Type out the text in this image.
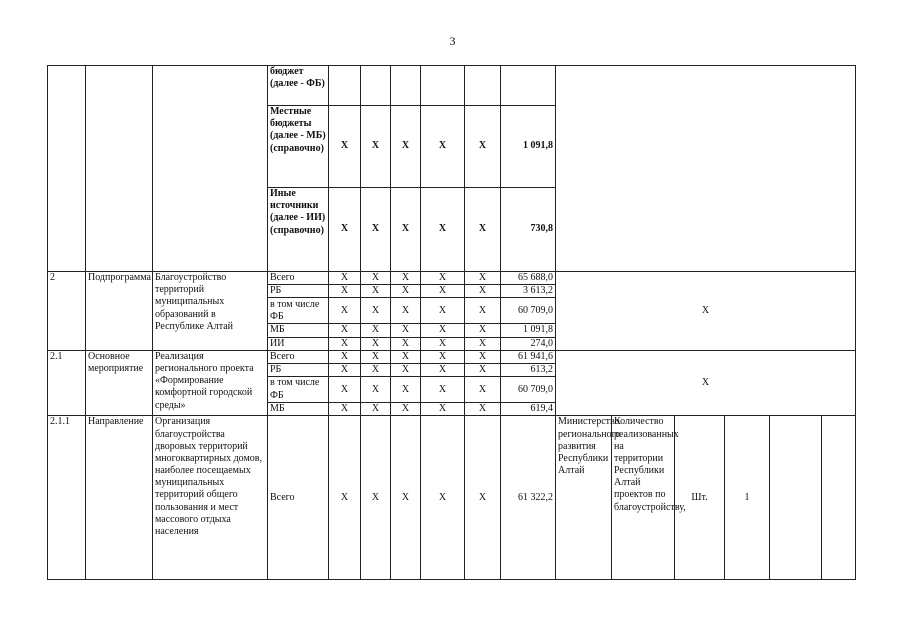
3
			бюджет (далее - ФБ)												
			Местные бюджеты (далее - МБ) (справочно)	Х	Х	Х	Х	Х	1 091,8						
			Иные источники (далее - ИИ) (справочно)	Х	Х	Х	Х	Х	730,8						
2	Подпрограмма	Благоустройство территорий муниципальных образований в Республике Алтай	Всего	Х	Х	Х	Х	Х	65 688,0	Х					
			РБ	Х	Х	Х	Х	Х	3 613,2						
			в том числе ФБ	Х	Х	Х	Х	Х	60 709,0						
			МБ	Х	Х	Х	Х	Х	1 091,8						
			ИИ	Х	Х	Х	Х	Х	274,0						
2.1	Основное мероприятие	Реализация регионального проекта «Формирование комфортной городской среды»	Всего	Х	Х	Х	Х	Х	61 941,6	Х					
			РБ	Х	Х	Х	Х	Х	613,2						
			в том числе ФБ	Х	Х	Х	Х	Х	60 709,0						
			МБ	Х	Х	Х	Х	Х	619,4						
2.1.1	Направление	Организация благоустройства дворовых территорий многоквартирных домов, наиболее посещаемых муниципальных территорий общего пользования и мест массового отдыха населения	Всего	Х	Х	Х	Х	Х	61 322,2	Министерство регионального развития Республики Алтай	Количество реализованных на территории Республики Алтай проектов по благоустройству,	Шт.	1		
